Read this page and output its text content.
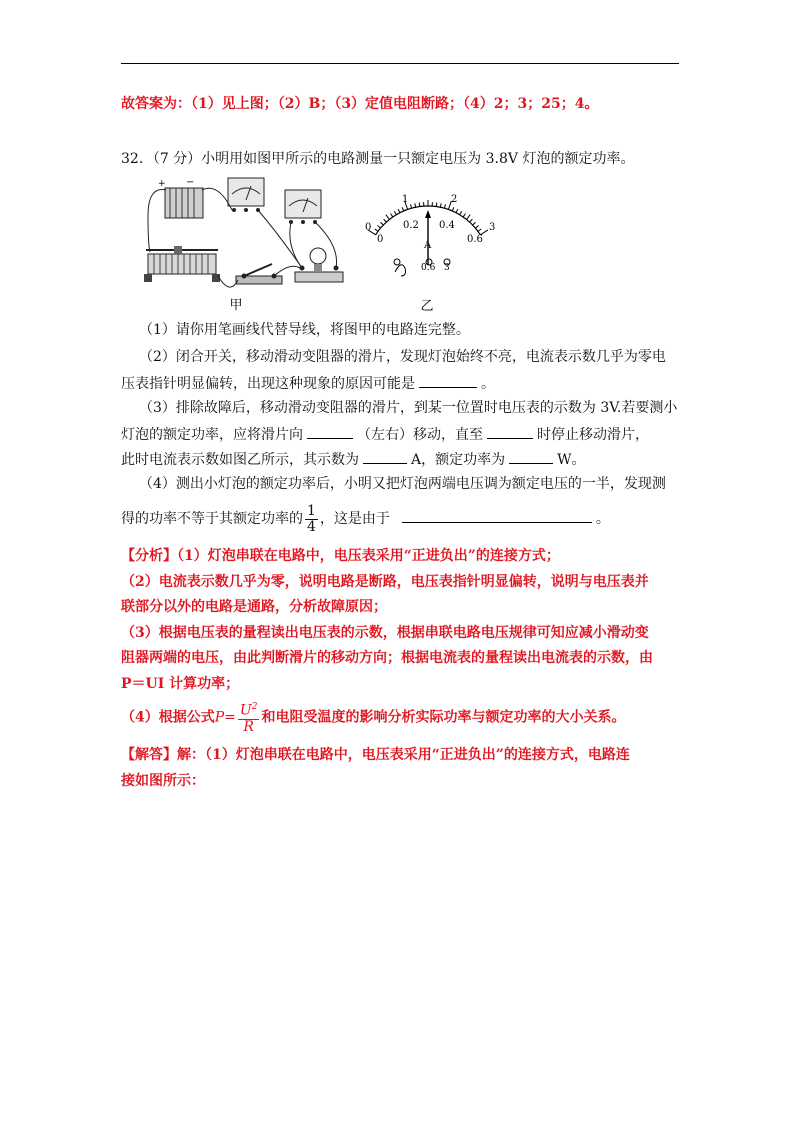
故答案为：（1）见上图；（2）B；（3）定值电阻断路；（4）2；3；25；4。
32．（7 分）小明用如图甲所示的电路测量一只额定电压为 3.8V 灯泡的额定功率。
+ −
甲
0
1	2
3
0
0.2 0.4
0.6
A
0.6 3
乙
（1）请你用笔画线代替导线，将图甲的电路连完整。
（2）闭合开关，移动滑动变阻器的滑片，发现灯泡始终不亮，电流表示数几乎为零电
压表指针明显偏转，出现这种现象的原因可能是	。
（3）排除故障后，移动滑动变阻器的滑片，到某一位置时电压表的示数为 3V.若要测小
灯泡的额定功率，应将滑片向	（左右）移动，直至	时停止移动滑片，
此时电流表示数如图乙所示，其示数为	A，额定功率为	W。
（4）测出小灯泡的额定功率后，小明又把灯泡两端电压调为额定电压的一半，发现测
得的功率不等于其额定功率的 $\frac{1}{4}$ ，这是由于	。
【分析】（1）灯泡串联在电路中，电压表采用“正进负出”的连接方式；
（2）电流表示数几乎为零，说明电路是断路，电压表指针明显偏转，说明与电压表并
联部分以外的电路是通路，分析故障原因；
（3）根据电压表的量程读出电压表的示数，根据串联电路电压规律可知应减小滑动变
阻器两端的电压，由此判断滑片的移动方向；根据电流表的量程读出电流表的示数，由
P＝UI 计算功率；
（4）根据公式$P= \frac{U^2}{R}$ 和电阻受温度的影响分析实际功率与额定功率的大小关系。
【解答】解：（1）灯泡串联在电路中，电压表采用“正进负出”的连接方式，电路连
接如图所示：
